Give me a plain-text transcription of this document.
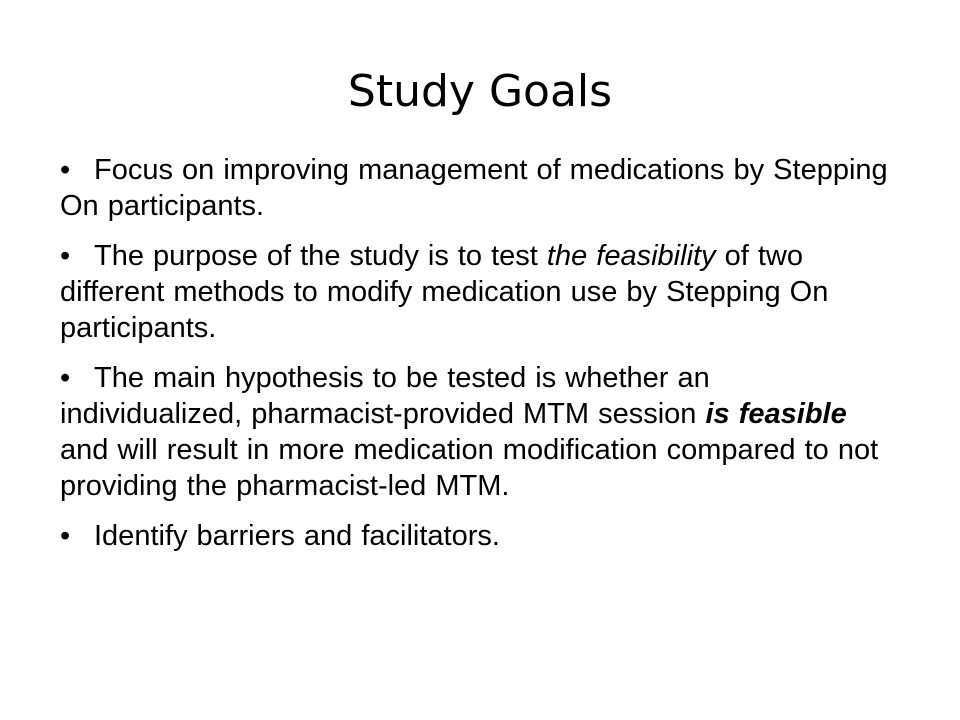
Study Goals

• Focus on improving management of medications by Stepping On participants.

• The purpose of the study is to test the feasibility of two different methods to modify medication use by Stepping On participants.

• The main hypothesis to be tested is whether an individualized, pharmacist-provided MTM session is feasible and will result in more medication modification compared to not providing the pharmacist-led MTM.

• Identify barriers and facilitators.
